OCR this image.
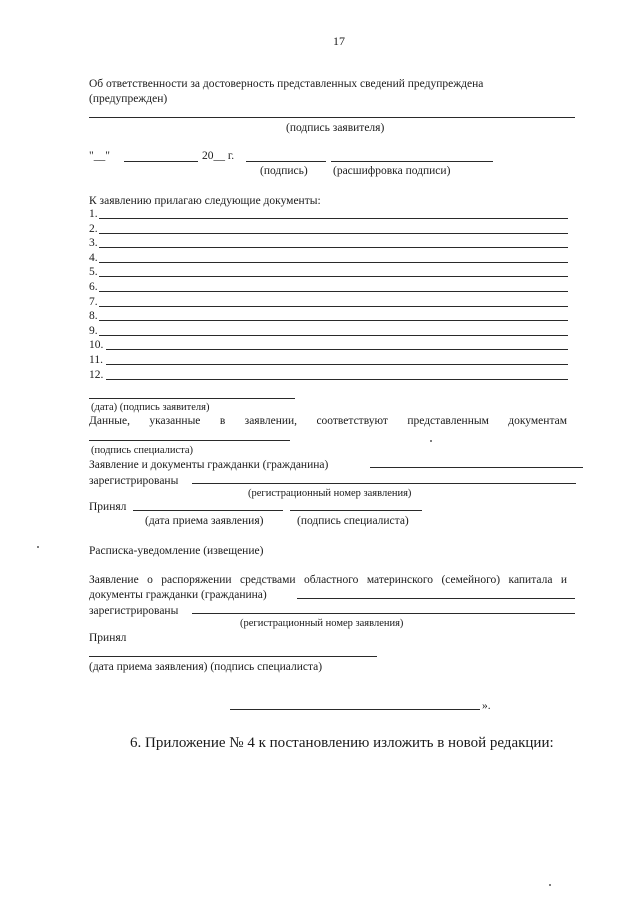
17
Об ответственности за достоверность представленных сведений предупреждена
(предупрежден)
(подпись заявителя)
"__"	20__ г.
(подпись) (расшифровка подписи)
К заявлению прилагаю следующие документы:
1.
2.
3.
4.
5.
6.
7.
8.
9.
10.
11.
12.
(дата) (подпись заявителя)
Данные, указанные в заявлении, соответствуют представленным документам
(подпись специалиста)
Заявление и документы гражданки (гражданина)
зарегистрированы
(регистрационный номер заявления)
Принял
(дата приема заявления)	(подпись специалиста)
Расписка-уведомление (извещение)
Заявление о распоряжении средствами областного материнского (семейного) капитала и
документы гражданки (гражданина)
зарегистрированы
(регистрационный номер заявления)
Принял
(дата приема заявления) (подпись специалиста)
».
6. Приложение № 4 к постановлению изложить в новой редакции:
